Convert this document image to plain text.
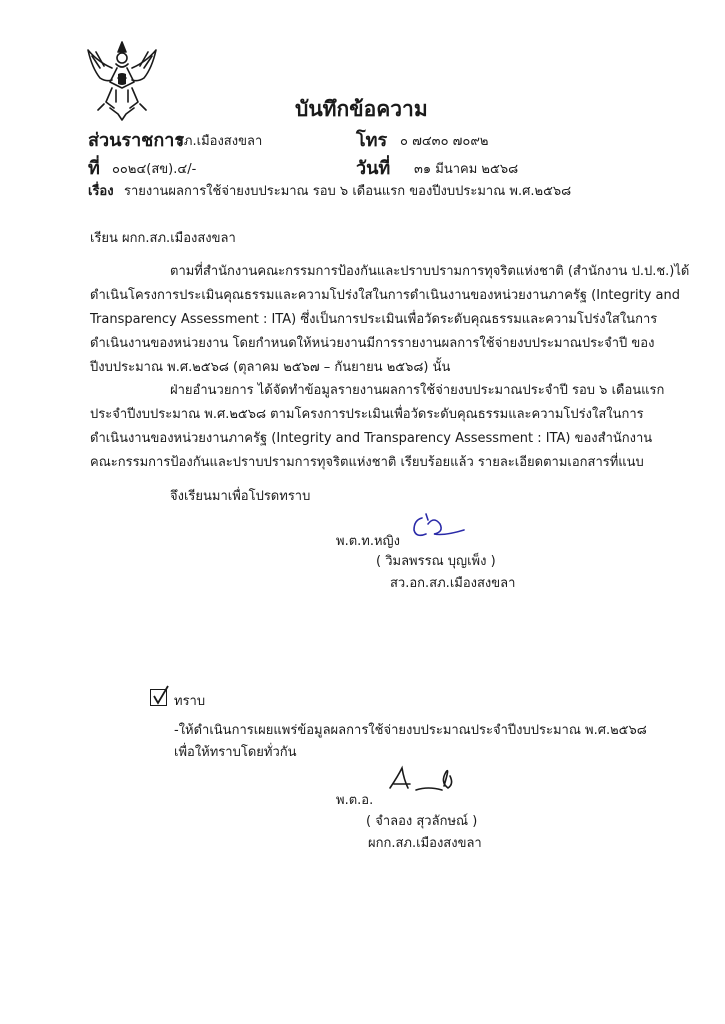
บันทึกข้อความ
ส่วนราชการ
สภ.เมืองสงขลา	โทร ๐ ๗๔๓๐ ๗๐๙๒
ที่ ๐๐๒๔(สข).๔/-	วันที่ ๓๑ มีนาคม ๒๕๖๘
เรื่อง รายงานผลการใช้จ่ายงบประมาณ รอบ ๖ เดือนแรก ของปีงบประมาณ พ.ศ.๒๕๖๘
เรียน ผกก.สภ.เมืองสงขลา

ตามที่สำนักงานคณะกรรมการป้องกันและปราบปรามการทุจริตแห่งชาติ (สำนักงาน ป.ป.ช.)ได้

ดำเนินโครงการประเมินคุณธรรมและความโปร่งใสในการดำเนินงานของหน่วยงานภาครัฐ (Integrity and

Transparency Assessment : ITA) ซึ่งเป็นการประเมินเพื่อวัดระดับคุณธรรมและความโปร่งใสในการ

ดำเนินงานของหน่วยงาน โดยกำหนดให้หน่วยงานมีการรายงานผลการใช้จ่ายงบประมาณประจำปี ของ

ปีงบประมาณ พ.ศ.๒๕๖๘ (ตุลาคม ๒๕๖๗ – กันยายน ๒๕๖๘) นั้น

ฝ่ายอำนวยการ ได้จัดทำข้อมูลรายงานผลการใช้จ่ายงบประมาณประจำปี รอบ ๖ เดือนแรก

ประจำปีงบประมาณ พ.ศ.๒๕๖๘ ตามโครงการประเมินเพื่อวัดระดับคุณธรรมและความโปร่งใสในการ

ดำเนินงานของหน่วยงานภาครัฐ (Integrity and Transparency Assessment : ITA) ของสำนักงาน

คณะกรรมการป้องกันและปราบปรามการทุจริตแห่งชาติ เรียบร้อยแล้ว รายละเอียดตามเอกสารที่แนบ

จึงเรียนมาเพื่อโปรดทราบ
พ.ต.ท.หญิง
( วิมลพรรณ บุญเพ็ง )
สว.อก.สภ.เมืองสงขลา
ทราบ
-ให้ดำเนินการเผยแพร่ข้อมูลผลการใช้จ่ายงบประมาณประจำปีงบประมาณ พ.ศ.๒๕๖๘
เพื่อให้ทราบโดยทั่วกัน
พ.ต.อ.
( จำลอง สุวลักษณ์ )
ผกก.สภ.เมืองสงขลา
